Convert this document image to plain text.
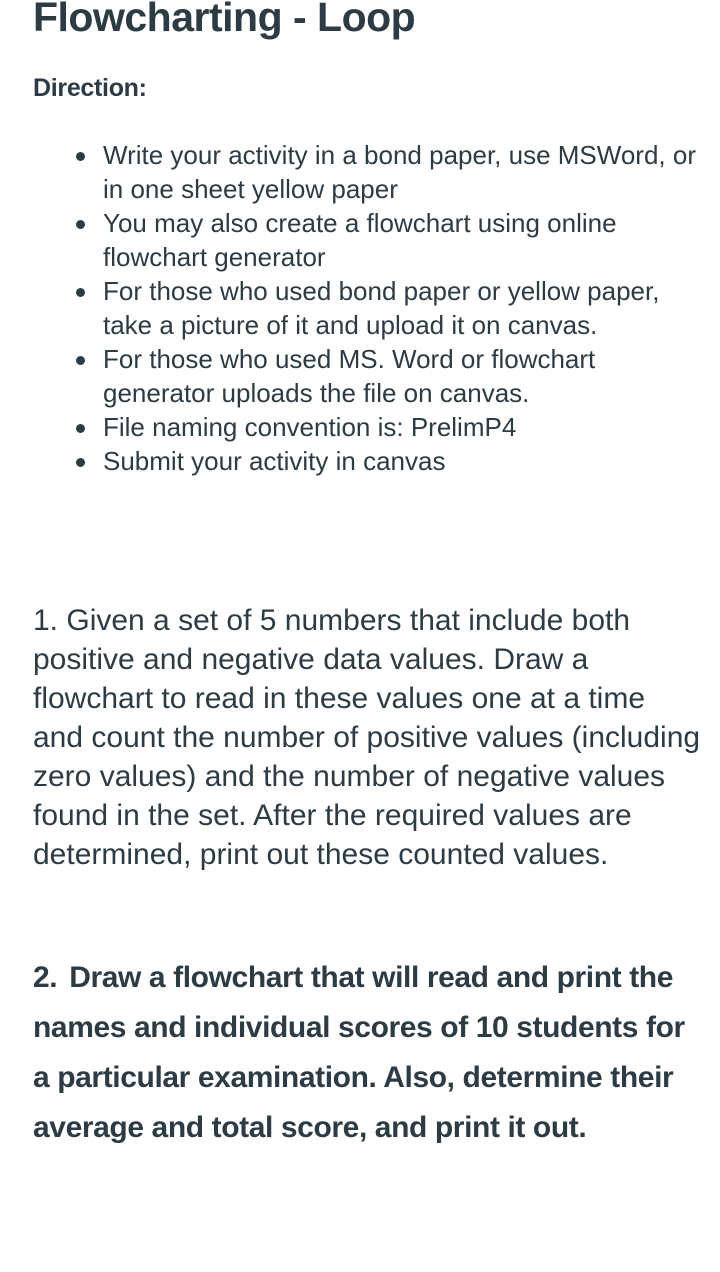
Flowcharting - Loop
Direction:
Write your activity in a bond paper, use MSWord, or in one sheet yellow paper
You may also create a flowchart using online flowchart generator
For those who used bond paper or yellow paper, take a picture of it and upload it on canvas.
For those who used MS. Word or flowchart generator uploads the file on canvas.
File naming convention is: PrelimP4
Submit your activity in canvas

1. Given a set of 5 numbers that include both positive and negative data values. Draw a flowchart to read in these values one at a time and count the number of positive values (including zero values) and the number of negative values found in the set. After the required values are determined, print out these counted values.

2. Draw a flowchart that will read and print the names and individual scores of 10 students for a particular examination. Also, determine their average and total score, and print it out.
